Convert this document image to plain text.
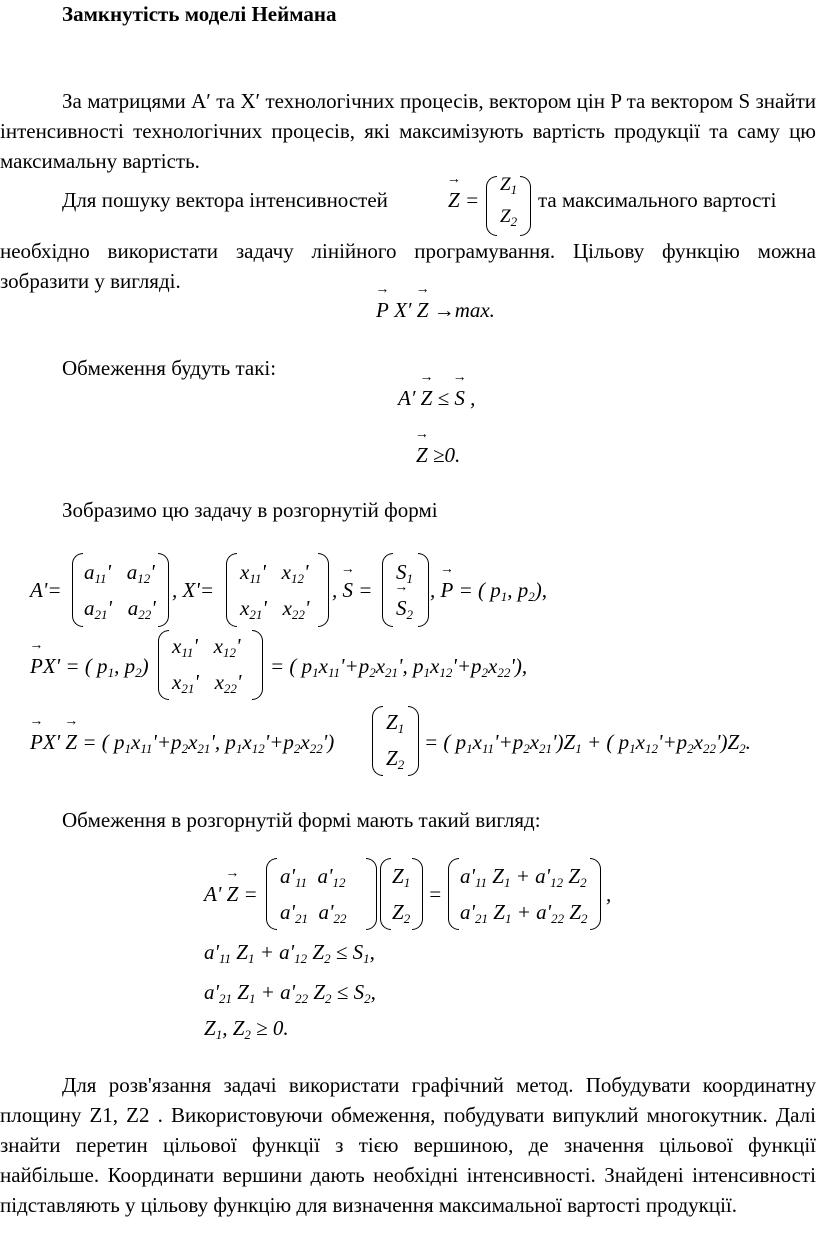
Замкнутість моделі Неймана
За матрицями A′ та X′ технологічних процесів, вектором цін P та вектором S знайти інтенсивності технологічних процесів, які максимізують вартість продукції та саму цю максимальну вартість.
Для пошуку вектора інтенсивностей
→	Z =
$Z_1$
$Z_2$
та максимального вартості
необхідно використати задачу лінійного програмування. Цільову функцію можна зобразити у вигляді.
→ P X′ → Z →max.
Обмеження будуть такі:
A′ → Z ≤ → S ,
→ Z ≥0.
Зобразимо цю задачу в розгорнутій формі
A'=
$a_{11}'$   $a_{12}'$
$a_{21}'$   $a_{22}'$
, X'=
$x_{11}'$   $x_{12}'$
$x_{21}'$   $x_{22}'$
, → S =
$S_1$
→ $S_2$
, → P = ( $p_1$, $p_2$),
→ PX' = ( $p_1$, $p_2$)
$x_{11}'$   $x_{12}'$
$x_{21}'$   $x_{22}'$
= ( $p_1x_{11}'+p_2x_{21}'$, $p_1x_{12}'+p_2x_{22}'$),
→ PX' → Z = ( $p_1x_{11}'+p_2x_{21}'$, $p_1x_{12}'+p_2x_{22}'$)
$Z_1$
$Z_2$
= ( $p_1x_{11}'+p_2x_{21}')Z_1$ + ( $p_1x_{12}'+p_2x_{22}')Z_2$.
Обмеження в розгорнутій формі мають такий вигляд:
A' → Z =
$a'_{11}$  $a'_{12}$
$a'_{21}$  $a'_{22}$
$Z_1$
$Z_2$
=
$a'_{11}$ $Z_1 + a'_{12}$ $Z_2$
$a'_{21}$ $Z_1 + a'_{22}$ $Z_2$
,
$a'_{11}$ $Z_1 + a'_{12}$ $Z_2 \le S_1$,
$a'_{21}$ $Z_1 + a'_{22}$ $Z_2 \le S_2$,
$Z_1$, $Z_2 \ge 0$.
Для розв'язання задачі використати графічний метод. Побудувати координатну площину Z1, Z2 . Використовуючи обмеження, побудувати випуклий многокутник. Далі знайти перетин цільової функції з тією вершиною, де значення цільової функції найбільше. Координати вершини дають необхідні інтенсивності. Знайдені інтенсивності підставляють у цільову функцію для визначення максимальної вартості продукції.
